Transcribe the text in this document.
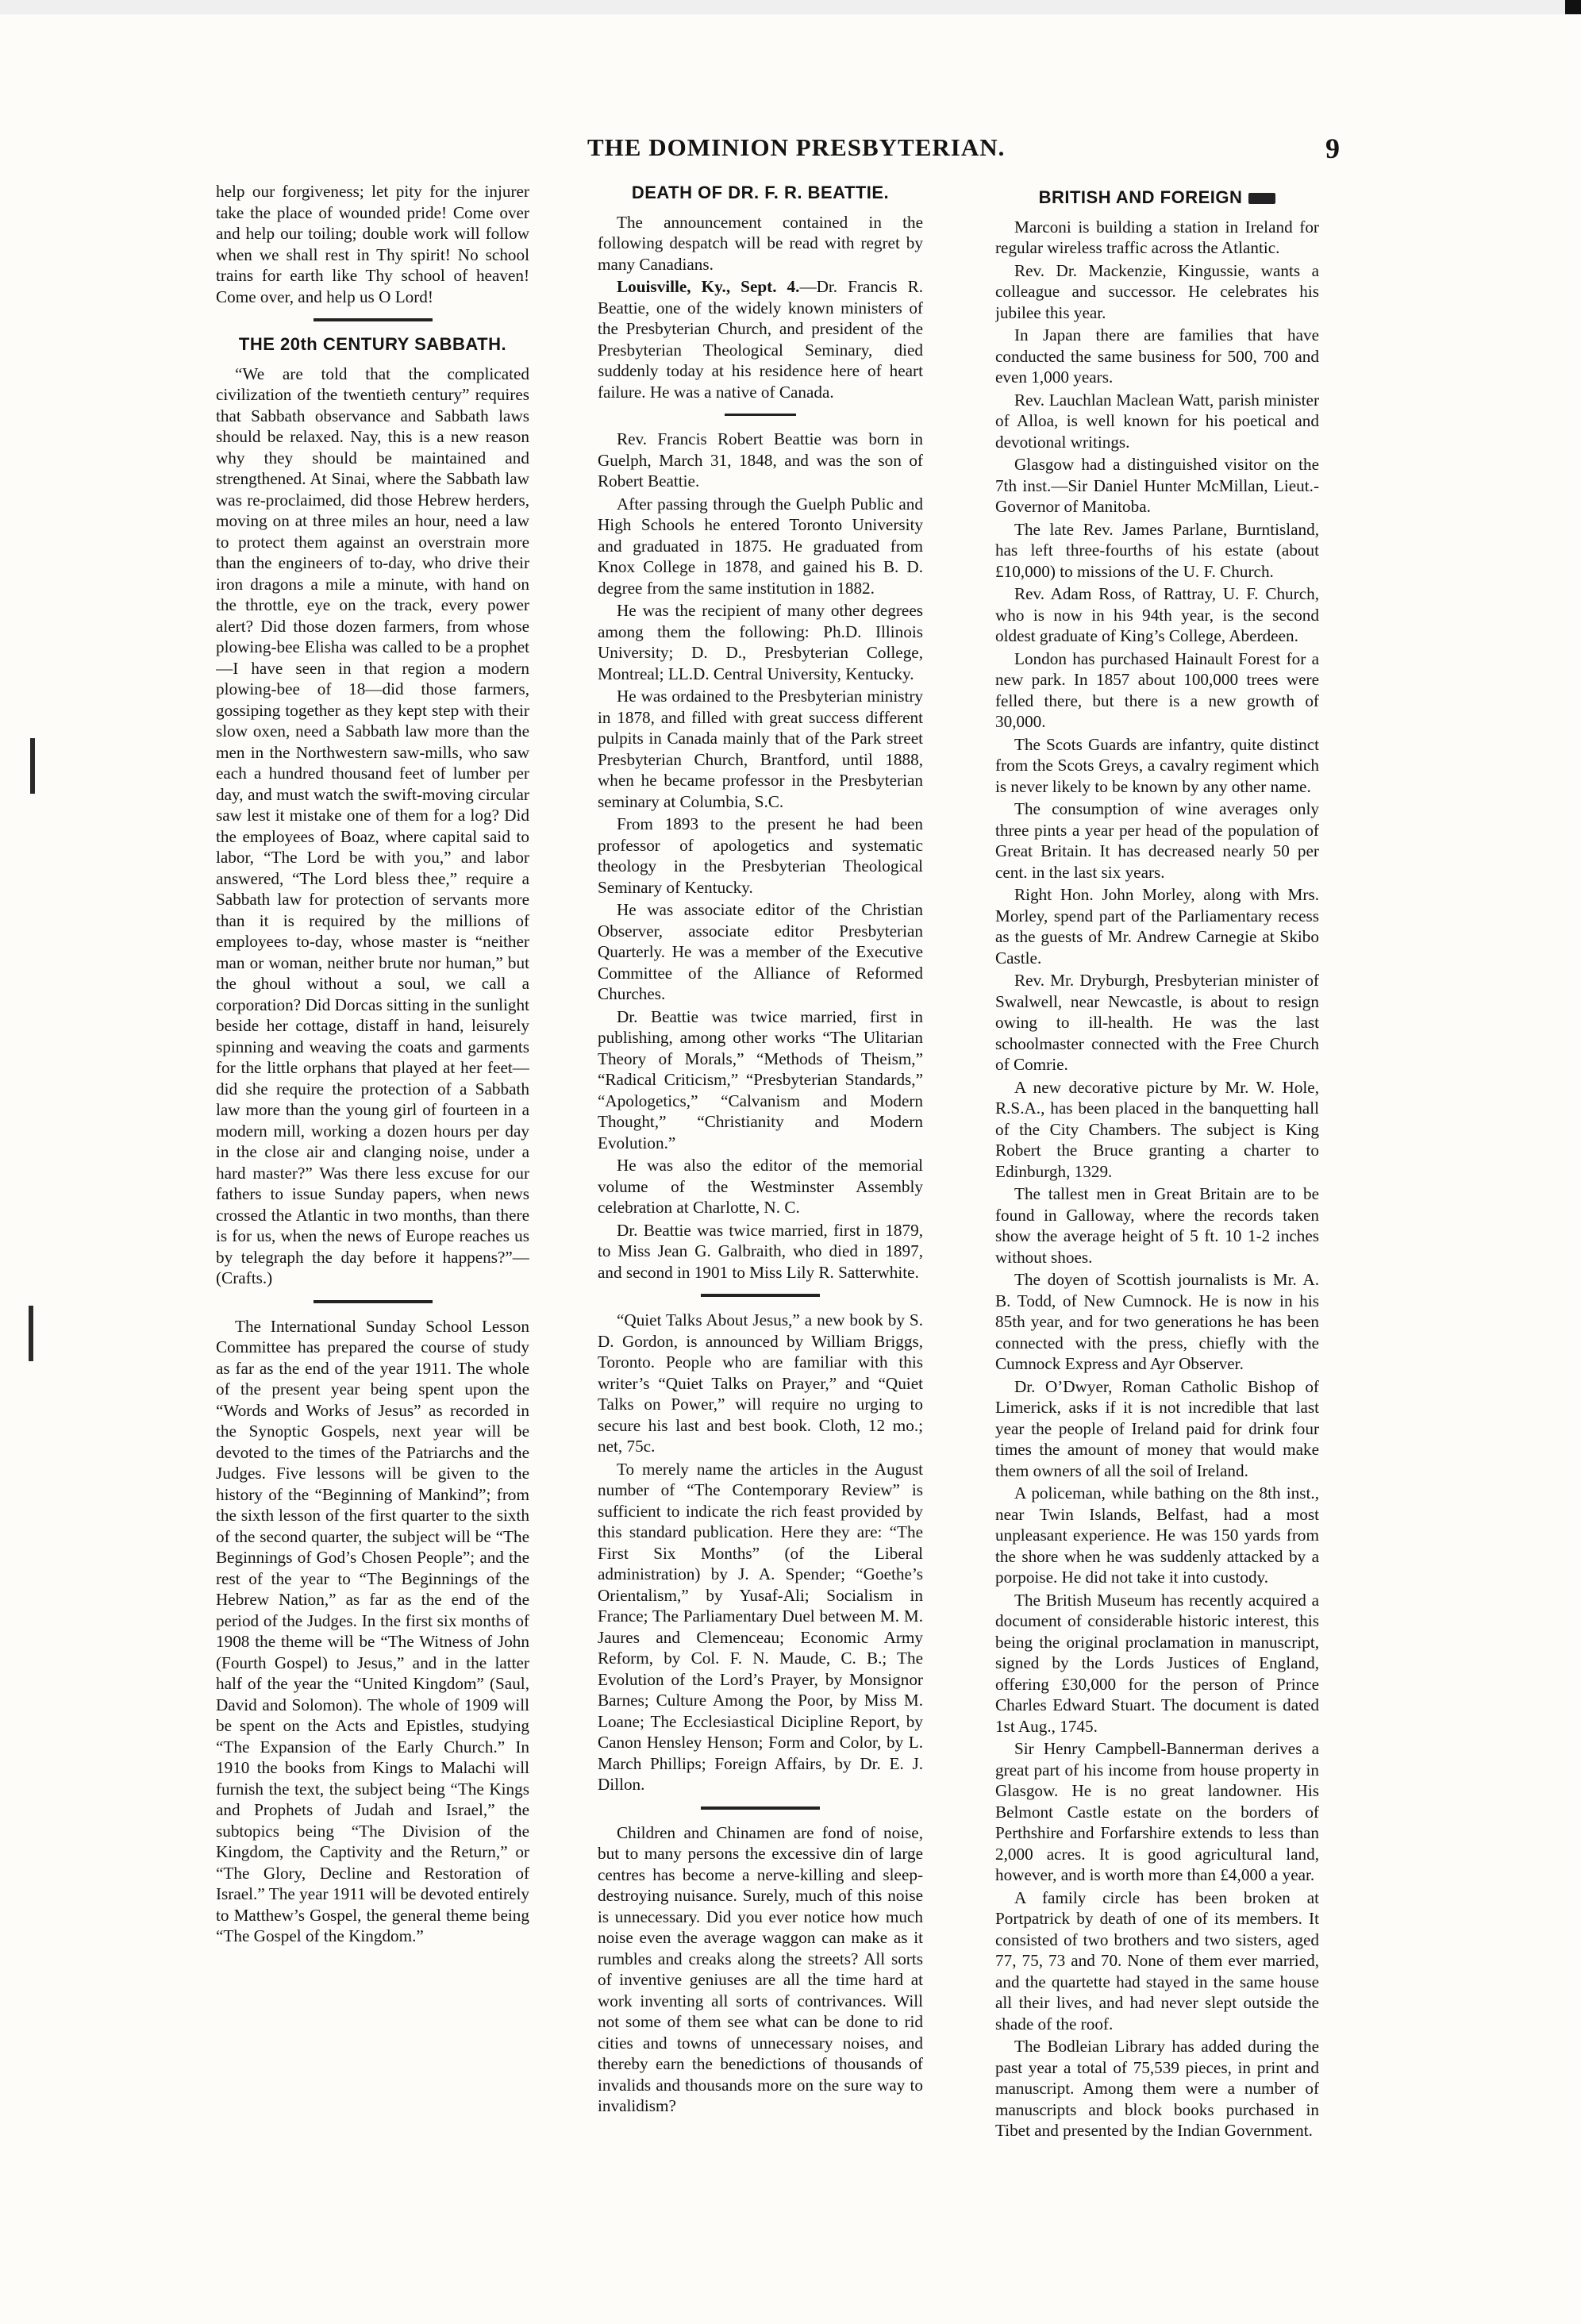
THE DOMINION PRESBYTERIAN.	9

help our forgiveness; let pity for the injurer take the place of wounded pride! Come over and help our toiling; double work will follow when we shall rest in Thy spirit! No school trains for earth like Thy school of heaven! Come over, and help us O Lord!

THE 20th CENTURY SABBATH.

“We are told that the complicated civilization of the twentieth century” requires that Sabbath observance and Sabbath laws should be relaxed. Nay, this is a new reason why they should be maintained and strengthened. At Sinai, where the Sabbath law was re-proclaimed, did those Hebrew herders, moving on at three miles an hour, need a law to protect them against an overstrain more than the engineers of to-day, who drive their iron dragons a mile a minute, with hand on the throttle, eye on the track, every power alert? Did those dozen farmers, from whose plowing-bee Elisha was called to be a prophet—I have seen in that region a modern plowing-bee of 18—did those farmers, gossiping together as they kept step with their slow oxen, need a Sabbath law more than the men in the Northwestern saw-mills, who saw each a hundred thousand feet of lumber per day, and must watch the swift-moving circular saw lest it mistake one of them for a log? Did the employees of Boaz, where capital said to labor, “The Lord be with you,” and labor answered, “The Lord bless thee,” require a Sabbath law for protection of servants more than it is required by the millions of employees to-day, whose master is “neither man or woman, neither brute nor human,” but the ghoul without a soul, we call a corporation? Did Dorcas sitting in the sunlight beside her cottage, distaff in hand, leisurely spinning and weaving the coats and garments for the little orphans that played at her feet—did she require the protection of a Sabbath law more than the young girl of fourteen in a modern mill, working a dozen hours per day in the close air and clanging noise, under a hard master?” Was there less excuse for our fathers to issue Sunday papers, when news crossed the Atlantic in two months, than there is for us, when the news of Europe reaches us by telegraph the day before it happens?”—(Crafts.)

The International Sunday School Lesson Committee has prepared the course of study as far as the end of the year 1911. The whole of the present year being spent upon the “Words and Works of Jesus” as recorded in the Synoptic Gospels, next year will be devoted to the times of the Patriarchs and the Judges. Five lessons will be given to the history of the “Beginning of Mankind”; from the sixth lesson of the first quarter to the sixth of the second quarter, the subject will be “The Beginnings of God’s Chosen People”; and the rest of the year to “The Beginnings of the Hebrew Nation,” as far as the end of the period of the Judges. In the first six months of 1908 the theme will be “The Witness of John (Fourth Gospel) to Jesus,” and in the latter half of the year the “United Kingdom” (Saul, David and Solomon). The whole of 1909 will be spent on the Acts and Epistles, studying “The Expansion of the Early Church.” In 1910 the books from Kings to Malachi will furnish the text, the subject being “The Kings and Prophets of Judah and Israel,” the subtopics being “The Division of the Kingdom, the Captivity and the Return,” or “The Glory, Decline and Restoration of Israel.” The year 1911 will be devoted entirely to Matthew’s Gospel, the general theme being “The Gospel of the Kingdom.”

DEATH OF DR. F. R. BEATTIE.

The announcement contained in the following despatch will be read with regret by many Canadians.

Louisville, Ky., Sept. 4.—Dr. Francis R. Beattie, one of the widely known ministers of the Presbyterian Church, and president of the Presbyterian Theological Seminary, died suddenly today at his residence here of heart failure. He was a native of Canada.

Rev. Francis Robert Beattie was born in Guelph, March 31, 1848, and was the son of Robert Beattie.

After passing through the Guelph Public and High Schools he entered Toronto University and graduated in 1875. He graduated from Knox College in 1878, and gained his B. D. degree from the same institution in 1882.

He was the recipient of many other degrees among them the following: Ph.D. Illinois University; D. D., Presbyterian College, Montreal; LL.D. Central University, Kentucky.

He was ordained to the Presbyterian ministry in 1878, and filled with great success different pulpits in Canada mainly that of the Park street Presbyterian Church, Brantford, until 1888, when he became professor in the Presbyterian seminary at Columbia, S.C.

From 1893 to the present he had been professor of apologetics and systematic theology in the Presbyterian Theological Seminary of Kentucky.

He was associate editor of the Christian Observer, associate editor Presbyterian Quarterly. He was a member of the Executive Committee of the Alliance of Reformed Churches.

Dr. Beattie was twice married, first in publishing, among other works “The Ulitarian Theory of Morals,” “Methods of Theism,” “Radical Criticism,” “Presbyterian Standards,” “Apologetics,” “Calvanism and Modern Thought,” “Christianity and Modern Evolution.”

He was also the editor of the memorial volume of the Westminster Assembly celebration at Charlotte, N. C.

Dr. Beattie was twice married, first in 1879, to Miss Jean G. Galbraith, who died in 1897, and second in 1901 to Miss Lily R. Satterwhite.

“Quiet Talks About Jesus,” a new book by S. D. Gordon, is announced by William Briggs, Toronto. People who are familiar with this writer’s “Quiet Talks on Prayer,” and “Quiet Talks on Power,” will require no urging to secure his last and best book. Cloth, 12 mo.; net, 75c.

To merely name the articles in the August number of “The Contemporary Review” is sufficient to indicate the rich feast provided by this standard publication. Here they are: “The First Six Months” (of the Liberal administration) by J. A. Spender; “Goethe’s Orientalism,” by Yusaf-Ali; Socialism in France; The Parliamentary Duel between M. M. Jaures and Clemenceau; Economic Army Reform, by Col. F. N. Maude, C. B.; The Evolution of the Lord’s Prayer, by Monsignor Barnes; Culture Among the Poor, by Miss M. Loane; The Ecclesiastical Dicipline Report, by Canon Hensley Henson; Form and Color, by L. March Phillips; Foreign Affairs, by Dr. E. J. Dillon.

Children and Chinamen are fond of noise, but to many persons the excessive din of large centres has become a nerve-killing and sleep-destroying nuisance. Surely, much of this noise is unnecessary. Did you ever notice how much noise even the average waggon can make as it rumbles and creaks along the streets? All sorts of inventive geniuses are all the time hard at work inventing all sorts of contrivances. Will not some of them see what can be done to rid cities and towns of unnecessary noises, and thereby earn the benedictions of thousands of invalids and thousands more on the sure way to invalidism?

BRITISH AND FOREIGN

Marconi is building a station in Ireland for regular wireless traffic across the Atlantic.

Rev. Dr. Mackenzie, Kingussie, wants a colleague and successor. He celebrates his jubilee this year.

In Japan there are families that have conducted the same business for 500, 700 and even 1,000 years.

Rev. Lauchlan Maclean Watt, parish minister of Alloa, is well known for his poetical and devotional writings.

Glasgow had a distinguished visitor on the 7th inst.—Sir Daniel Hunter McMillan, Lieut.-Governor of Manitoba.

The late Rev. James Parlane, Burntisland, has left three-fourths of his estate (about £10,000) to missions of the U. F. Church.

Rev. Adam Ross, of Rattray, U. F. Church, who is now in his 94th year, is the second oldest graduate of King’s College, Aberdeen.

London has purchased Hainault Forest for a new park. In 1857 about 100,000 trees were felled there, but there is a new growth of 30,000.

The Scots Guards are infantry, quite distinct from the Scots Greys, a cavalry regiment which is never likely to be known by any other name.

The consumption of wine averages only three pints a year per head of the population of Great Britain. It has decreased nearly 50 per cent. in the last six years.

Right Hon. John Morley, along with Mrs. Morley, spend part of the Parliamentary recess as the guests of Mr. Andrew Carnegie at Skibo Castle.

Rev. Mr. Dryburgh, Presbyterian minister of Swalwell, near Newcastle, is about to resign owing to ill-health. He was the last schoolmaster connected with the Free Church of Comrie.

A new decorative picture by Mr. W. Hole, R.S.A., has been placed in the banquetting hall of the City Chambers. The subject is King Robert the Bruce granting a charter to Edinburgh, 1329.

The tallest men in Great Britain are to be found in Galloway, where the records taken show the average height of 5 ft. 10 1-2 inches without shoes.

The doyen of Scottish journalists is Mr. A. B. Todd, of New Cumnock. He is now in his 85th year, and for two generations he has been connected with the press, chiefly with the Cumnock Express and Ayr Observer.

Dr. O’Dwyer, Roman Catholic Bishop of Limerick, asks if it is not incredible that last year the people of Ireland paid for drink four times the amount of money that would make them owners of all the soil of Ireland.

A policeman, while bathing on the 8th inst., near Twin Islands, Belfast, had a most unpleasant experience. He was 150 yards from the shore when he was suddenly attacked by a porpoise. He did not take it into custody.

The British Museum has recently acquired a document of considerable historic interest, this being the original proclamation in manuscript, signed by the Lords Justices of England, offering £30,000 for the person of Prince Charles Edward Stuart. The document is dated 1st Aug., 1745.

Sir Henry Campbell-Bannerman derives a great part of his income from house property in Glasgow. He is no great landowner. His Belmont Castle estate on the borders of Perthshire and Forfarshire extends to less than 2,000 acres. It is good agricultural land, however, and is worth more than £4,000 a year.

A family circle has been broken at Portpatrick by death of one of its members. It consisted of two brothers and two sisters, aged 77, 75, 73 and 70. None of them ever married, and the quartette had stayed in the same house all their lives, and had never slept outside the shade of the roof.

The Bodleian Library has added during the past year a total of 75,539 pieces, in print and manuscript. Among them were a number of manuscripts and block books purchased in Tibet and presented by the Indian Government.
